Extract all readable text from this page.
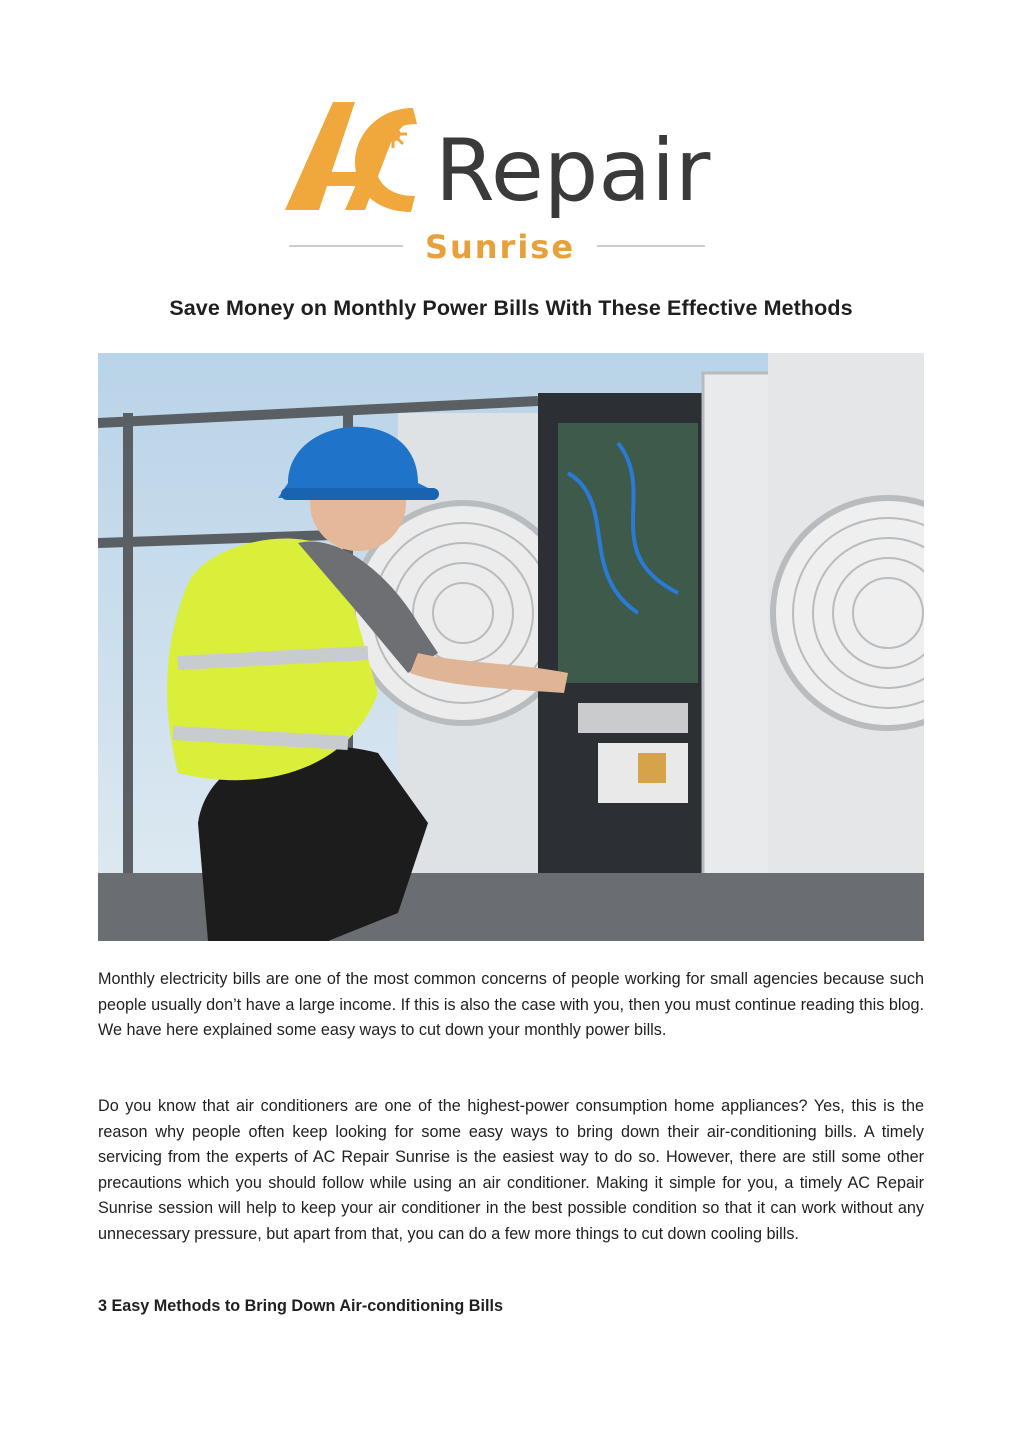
Repair
Sunrise
Save Money on Monthly Power Bills With These Effective Methods

Monthly electricity bills are one of the most common concerns of people working for small agencies because such people usually don’t have a large income. If this is also the case with you, then you must continue reading this blog. We have here explained some easy ways to cut down your monthly power bills.

Do you know that air conditioners are one of the highest-power consumption home appliances? Yes, this is the reason why people often keep looking for some easy ways to bring down their air-conditioning bills. A timely servicing from the experts of AC Repair Sunrise is the easiest way to do so. However, there are still some other precautions which you should follow while using an air conditioner. Making it simple for you, a timely AC Repair Sunrise session will help to keep your air conditioner in the best possible condition so that it can work without any unnecessary pressure, but apart from that, you can do a few more things to cut down cooling bills.

3 Easy Methods to Bring Down Air-conditioning Bills
